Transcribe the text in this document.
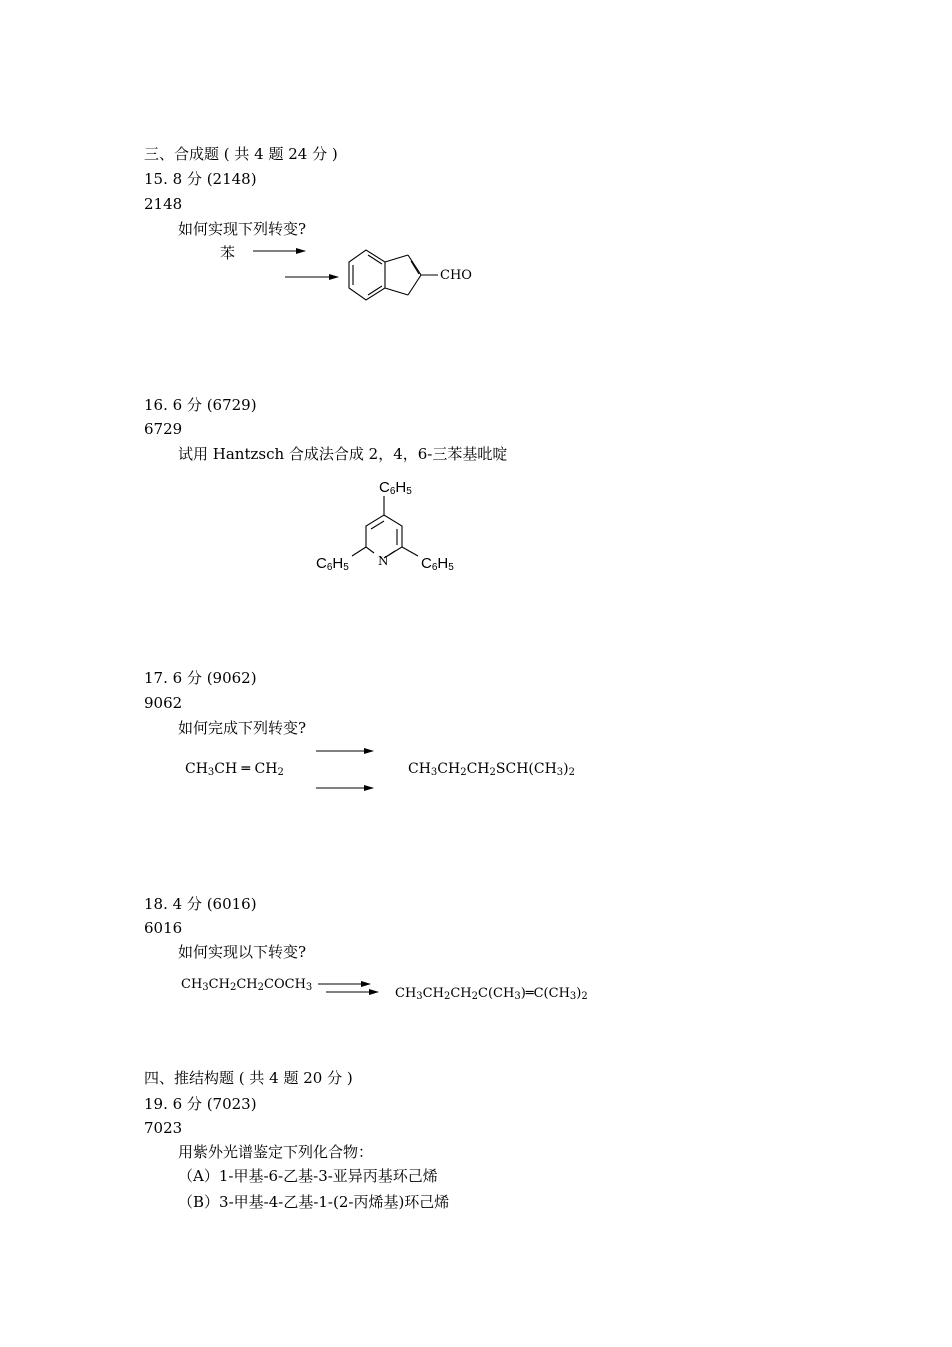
三、合成题 ( 共 4 题 24 分 )
15. 8 分 (2148)
2148
如何实现下列转变?
苯
CHO
16. 6 分 (6729)
6729
试用 Hantzsch 合成法合成 2，4，6-三苯基吡啶
$C_6H_5$
$C_6H_5$	$C_6H_5$
N
17. 6 分 (9062)
9062
如何完成下列转变?
$CH_3CH$ ═ $CH_2$	$CH_3CH_2CH_2SCH(CH_3)_2$
18. 4 分 (6016)
6016
如何实现以下转变?
$CH_3CH_2CH_2COCH_3$	$CH_3CH_2CH_2C(CH_3)═C(CH_3)_2$
四、推结构题 ( 共 4 题 20 分 )
19. 6 分 (7023)
7023
用紫外光谱鉴定下列化合物：
（A）1-甲基-6-乙基-3-亚异丙基环己烯
（B）3-甲基-4-乙基-1-(2-丙烯基)环己烯
